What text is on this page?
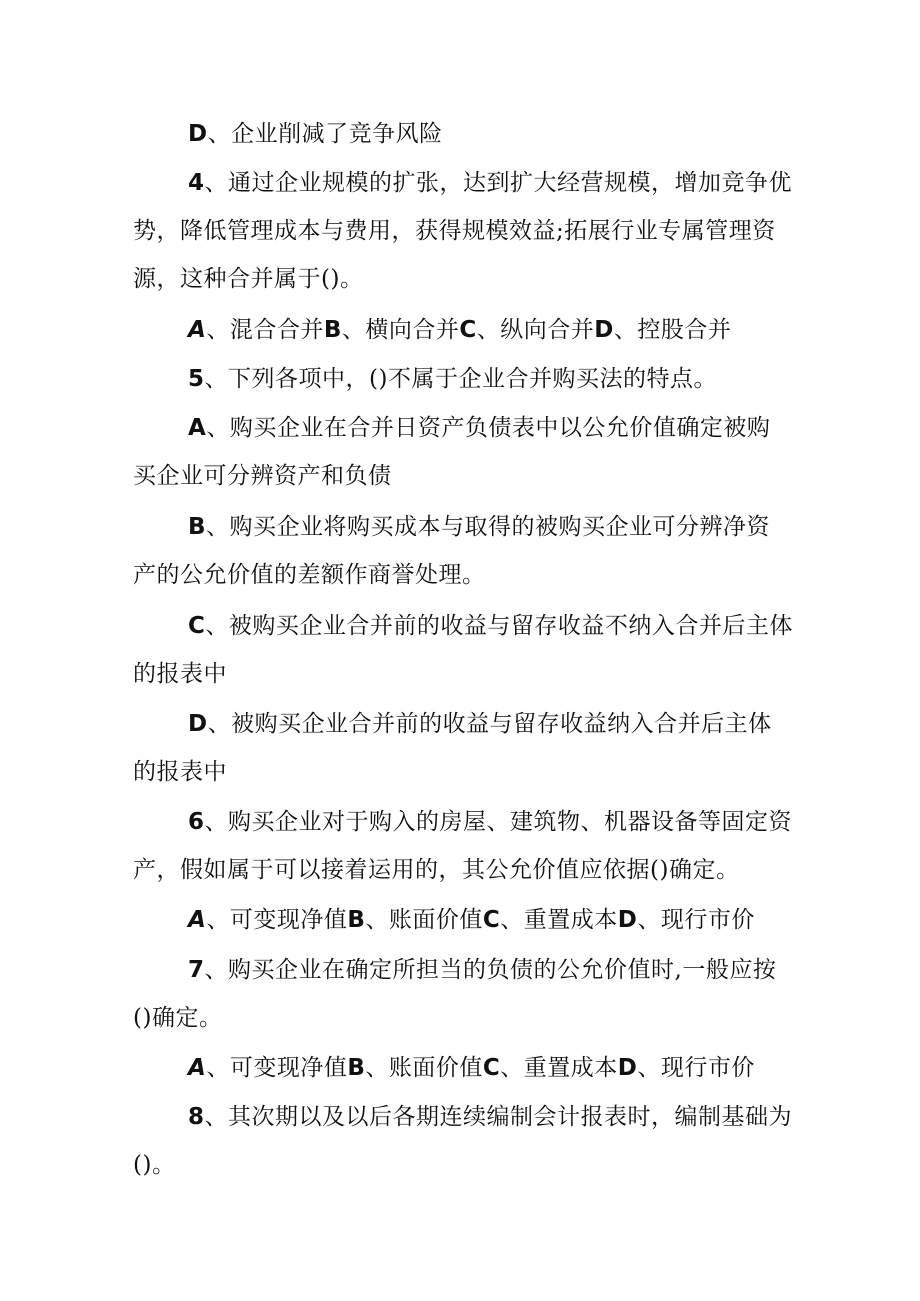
D、企业削减了竞争风险

4、通过企业规模的扩张，达到扩大经营规模，增加竞争优势，降低管理成本与费用，获得规模效益;拓展行业专属管理资源，这种合并属于()。

A、混合合并B、横向合并C、纵向合并D、控股合并

5、下列各项中，()不属于企业合并购买法的特点。

A、购买企业在合并日资产负债表中以公允价值确定被购买企业可分辨资产和负债

B、购买企业将购买成本与取得的被购买企业可分辨净资产的公允价值的差额作商誉处理。

C、被购买企业合并前的收益与留存收益不纳入合并后主体的报表中

D、被购买企业合并前的收益与留存收益纳入合并后主体的报表中

6、购买企业对于购入的房屋、建筑物、机器设备等固定资产，假如属于可以接着运用的，其公允价值应依据()确定。

A、可变现净值B、账面价值C、重置成本D、现行市价

7、购买企业在确定所担当的负债的公允价值时,一般应按()确定。

A、可变现净值B、账面价值C、重置成本D、现行市价

8、其次期以及以后各期连续编制会计报表时，编制基础为()。
